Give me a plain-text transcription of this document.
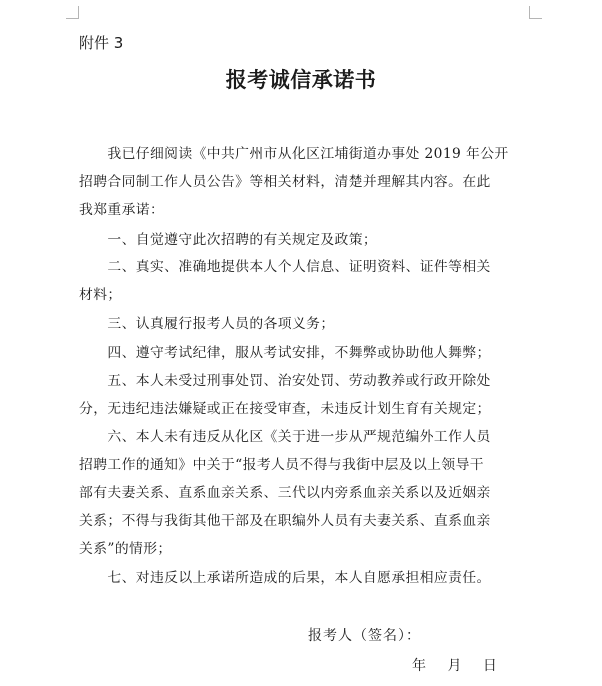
附件 3
报考诚信承诺书
　　我已仔细阅读《中共广州市从化区江埔街道办事处 2019 年公开
招聘合同制工作人员公告》等相关材料，清楚并理解其内容。在此
我郑重承诺：
　　一、自觉遵守此次招聘的有关规定及政策；
　　二、真实、准确地提供本人个人信息、证明资料、证件等相关
材料；
　　三、认真履行报考人员的各项义务；
　　四、遵守考试纪律，服从考试安排，不舞弊或协助他人舞弊；
　　五、本人未受过刑事处罚、治安处罚、劳动教养或行政开除处
分，无违纪违法嫌疑或正在接受审查，未违反计划生育有关规定；
　　六、本人未有违反从化区《关于进一步从严规范编外工作人员
招聘工作的通知》中关于“报考人员不得与我街中层及以上领导干
部有夫妻关系、直系血亲关系、三代以内旁系血亲关系以及近姻亲
关系；不得与我街其他干部及在职编外人员有夫妻关系、直系血亲
关系”的情形；
　　七、对违反以上承诺所造成的后果，本人自愿承担相应责任。
报考人（签名）：
年　 月　 日
